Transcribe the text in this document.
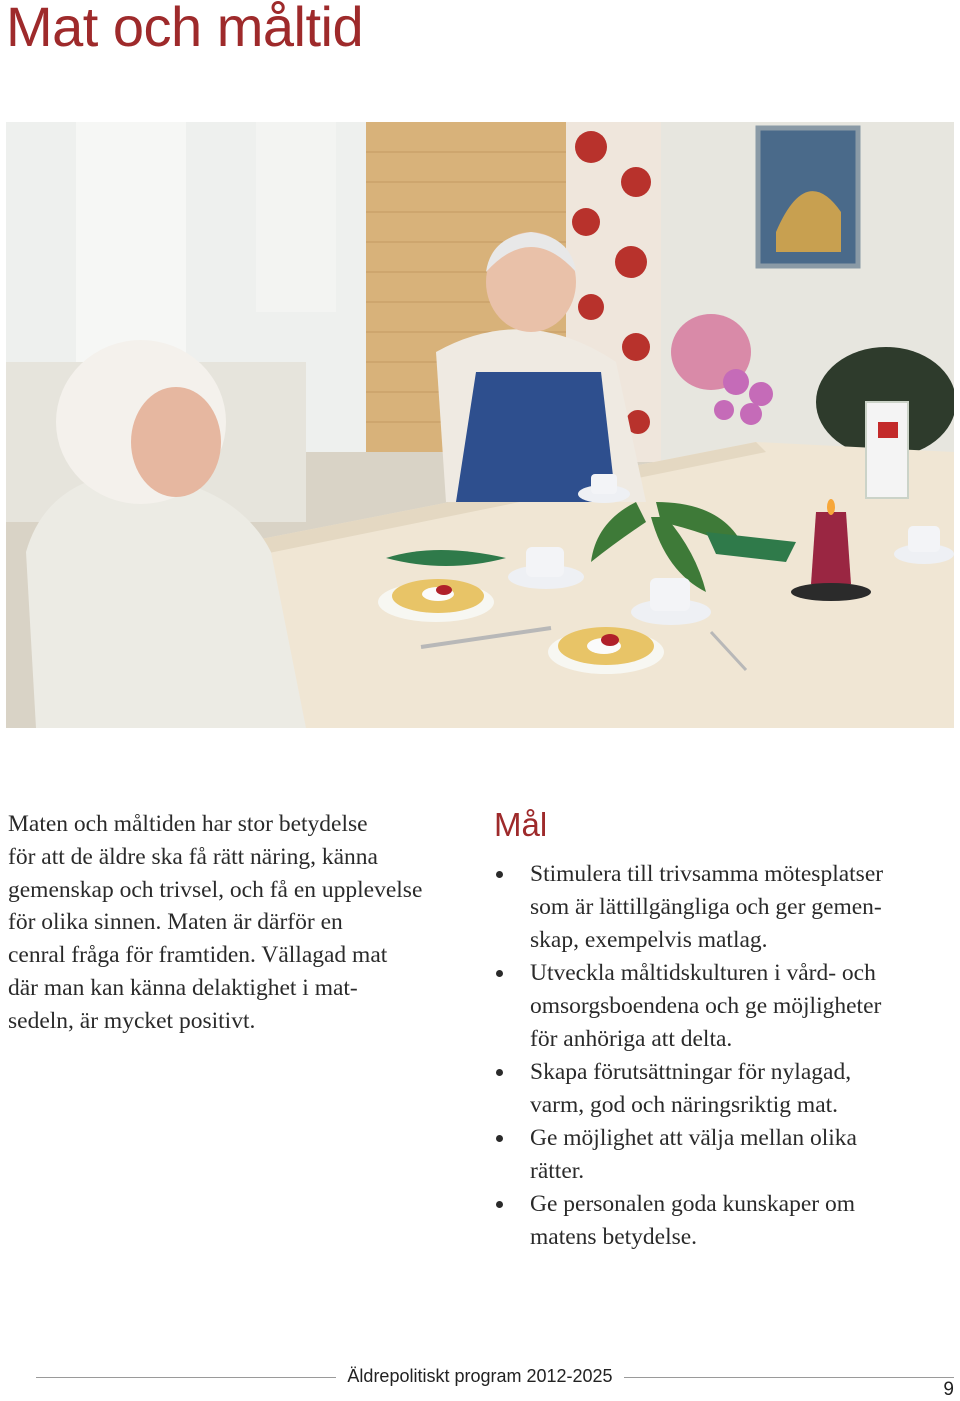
Mat och måltid

Maten och måltiden har stor betydelse
för att de äldre ska få rätt näring, känna
gemenskap och trivsel, och få en upplevelse
för olika sinnen. Maten är därför en
cenral fråga för framtiden. Vällagad mat
där man kan känna delaktighet i mat-
sedeln, är mycket positivt.

Mål
Stimulera till trivsamma mötesplatser
som är lättillgängliga och ger gemen-
skap, exempelvis matlag.
Utveckla måltidskulturen i vård- och
omsorgsboendena och ge möjligheter
för anhöriga att delta.
Skapa förutsättningar för nylagad,
varm, god och näringsriktig mat.
Ge möjlighet att välja mellan olika
rätter.
Ge personalen goda kunskaper om
matens betydelse.
Äldrepolitiskt program 2012-2025
9
